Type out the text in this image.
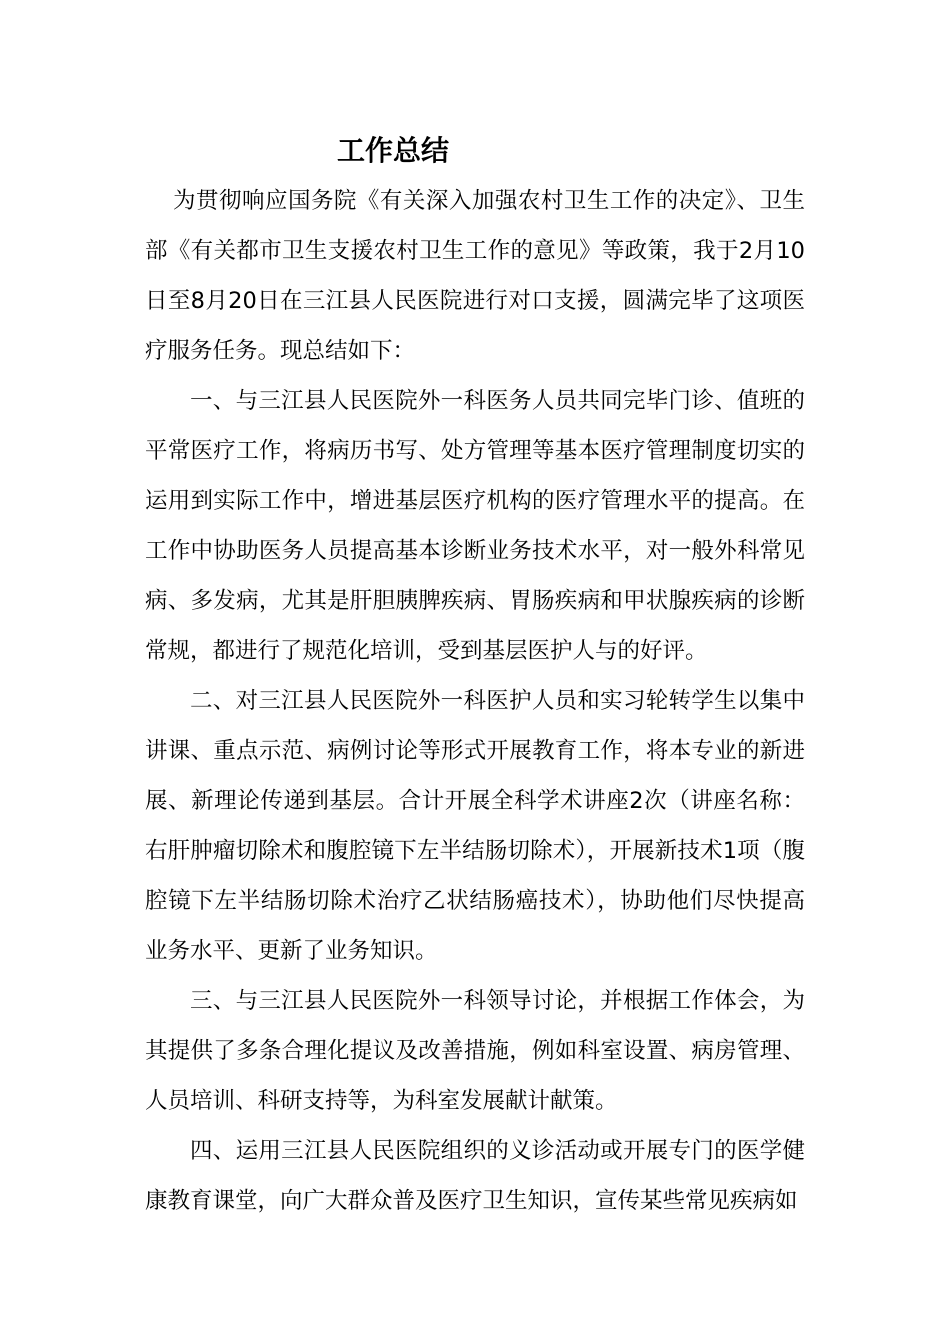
工作总结

为贯彻响应国务院《有关深入加强农村卫生工作的决定》、卫生部《有关都市卫生支援农村卫生工作的意见》等政策，我于2月10日至8月20日在三江县人民医院进行对口支援，圆满完毕了这项医疗服务任务。现总结如下：

一、与三江县人民医院外一科医务人员共同完毕门诊、值班的平常医疗工作，将病历书写、处方管理等基本医疗管理制度切实的运用到实际工作中，增进基层医疗机构的医疗管理水平的提高。在工作中协助医务人员提高基本诊断业务技术水平，对一般外科常见病、多发病，尤其是肝胆胰脾疾病、胃肠疾病和甲状腺疾病的诊断常规，都进行了规范化培训，受到基层医护人与的好评。

二、对三江县人民医院外一科医护人员和实习轮转学生以集中讲课、重点示范、病例讨论等形式开展教育工作，将本专业的新进展、新理论传递到基层。合计开展全科学术讲座2次（讲座名称：右肝肿瘤切除术和腹腔镜下左半结肠切除术），开展新技术1项（腹腔镜下左半结肠切除术治疗乙状结肠癌技术），协助他们尽快提高业务水平、更新了业务知识。

三、与三江县人民医院外一科领导讨论，并根据工作体会，为其提供了多条合理化提议及改善措施，例如科室设置、病房管理、人员培训、科研支持等，为科室发展献计献策。

四、运用三江县人民医院组织的义诊活动或开展专门的医学健康教育课堂，向广大群众普及医疗卫生知识，宣传某些常见疾病如
